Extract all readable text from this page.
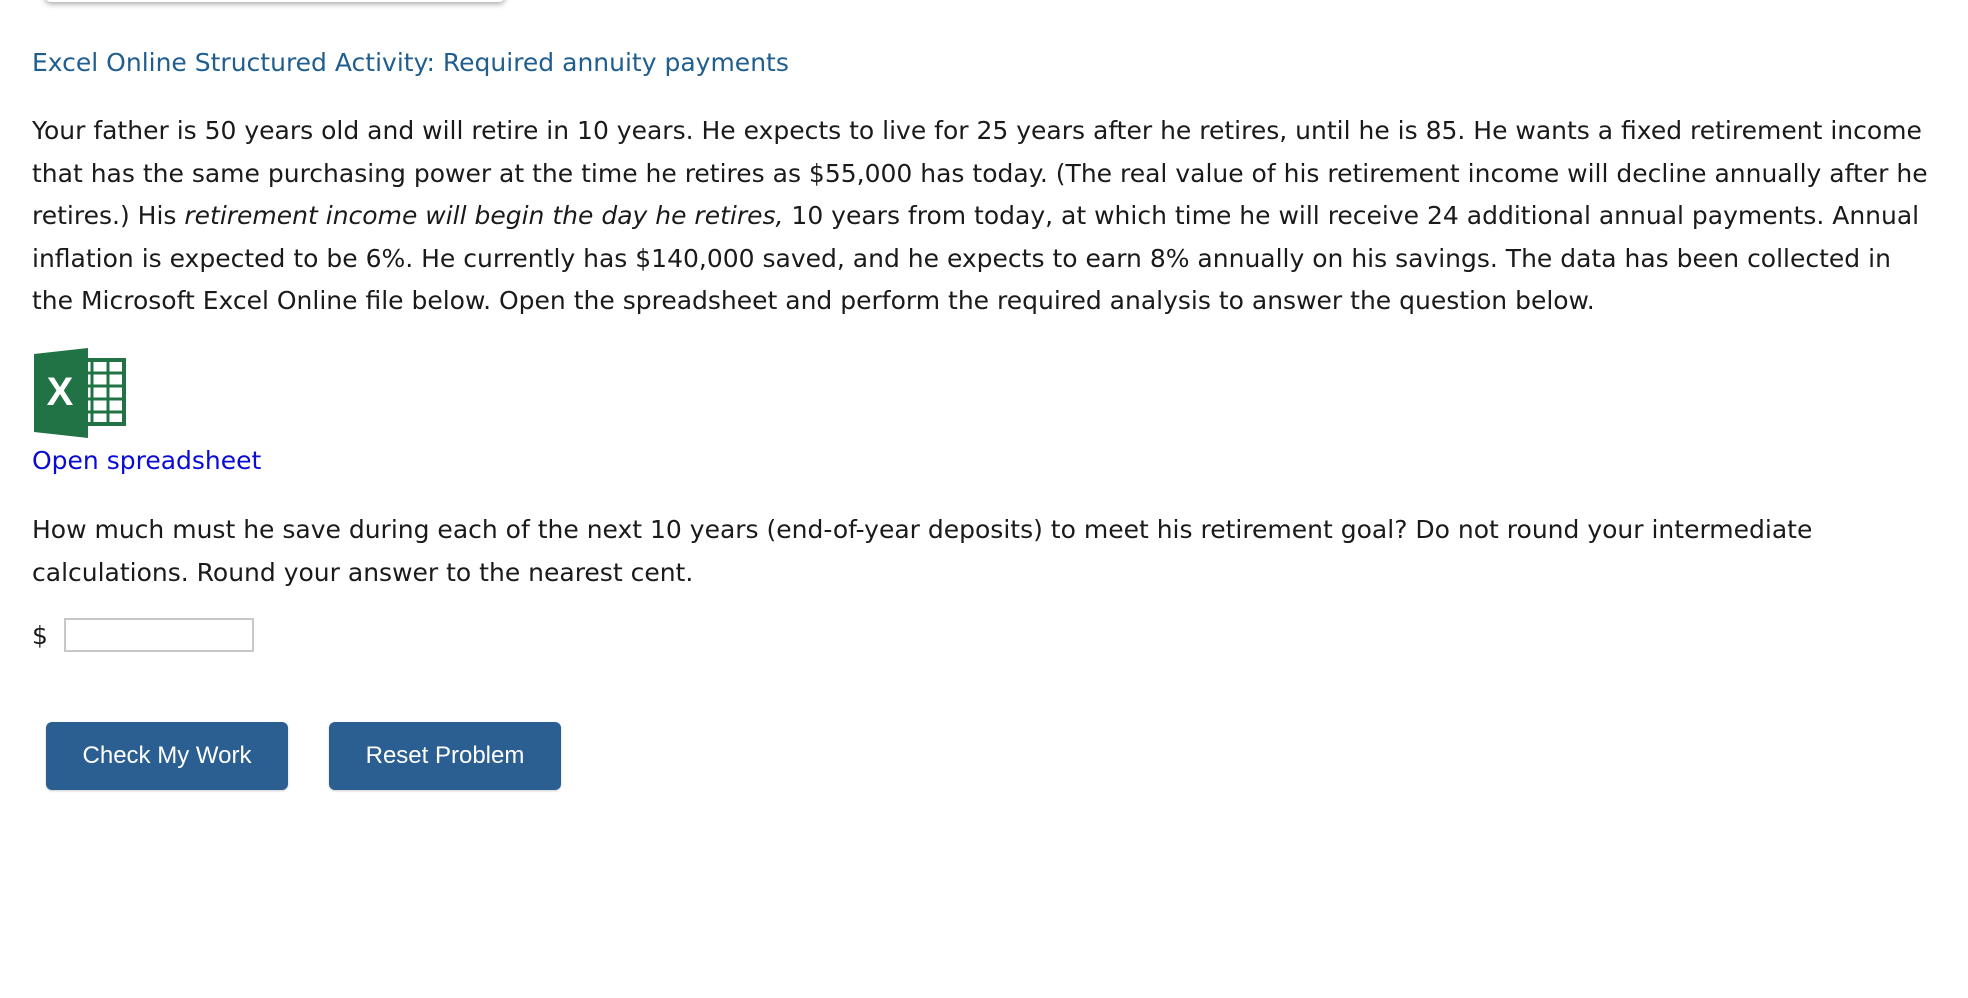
Excel Online Structured Activity: Required annuity payments
Your father is 50 years old and will retire in 10 years. He expects to live for 25 years after he retires, until he is 85. He wants a fixed retirement income that has the same purchasing power at the time he retires as $55,000 has today. (The real value of his retirement income will decline annually after he retires.) His retirement income will begin the day he retires, 10 years from today, at which time he will receive 24 additional annual payments. Annual inflation is expected to be 6%. He currently has $140,000 saved, and he expects to earn 8% annually on his savings. The data has been collected in the Microsoft Excel Online file below. Open the spreadsheet and perform the required analysis to answer the question below.
X
Open spreadsheet
How much must he save during each of the next 10 years (end-of-year deposits) to meet his retirement goal? Do not round your intermediate calculations. Round your answer to the nearest cent.
$
Check My Work	Reset Problem
